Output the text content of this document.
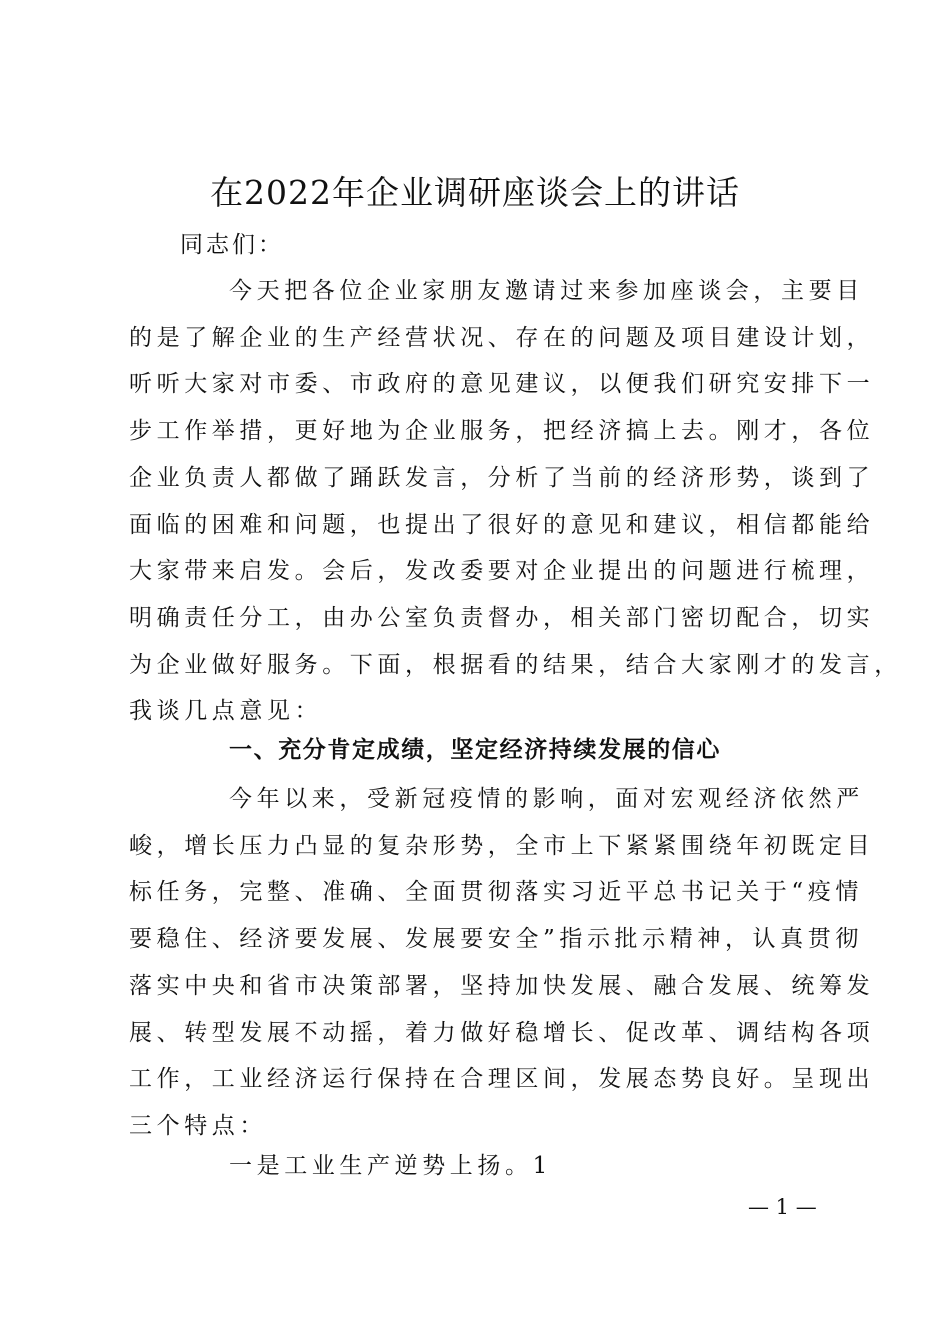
在2022年企业调研座谈会上的讲话
同志们：
今天把各位企业家朋友邀请过来参加座谈会，主要目
的是了解企业的生产经营状况、存在的问题及项目建设计划，
听听大家对市委、市政府的意见建议，以便我们研究安排下一
步工作举措，更好地为企业服务，把经济搞上去。刚才，各位
企业负责人都做了踊跃发言，分析了当前的经济形势，谈到了
面临的困难和问题，也提出了很好的意见和建议，相信都能给
大家带来启发。会后，发改委要对企业提出的问题进行梳理，
明确责任分工，由办公室负责督办，相关部门密切配合，切实
为企业做好服务。下面，根据看的结果，结合大家刚才的发言，
我谈几点意见：
一、充分肯定成绩，坚定经济持续发展的信心
今年以来，受新冠疫情的影响，面对宏观经济依然严
峻，增长压力凸显的复杂形势，全市上下紧紧围绕年初既定目
标任务，完整、准确、全面贯彻落实习近平总书记关于“疫情
要稳住、经济要发展、发展要安全”指示批示精神，认真贯彻
落实中央和省市决策部署，坚持加快发展、融合发展、统筹发
展、转型发展不动摇，着力做好稳增长、促改革、调结构各项
工作，工业经济运行保持在合理区间，发展态势良好。呈现出
三个特点：
一是工业生产逆势上扬。1
— 1 —
